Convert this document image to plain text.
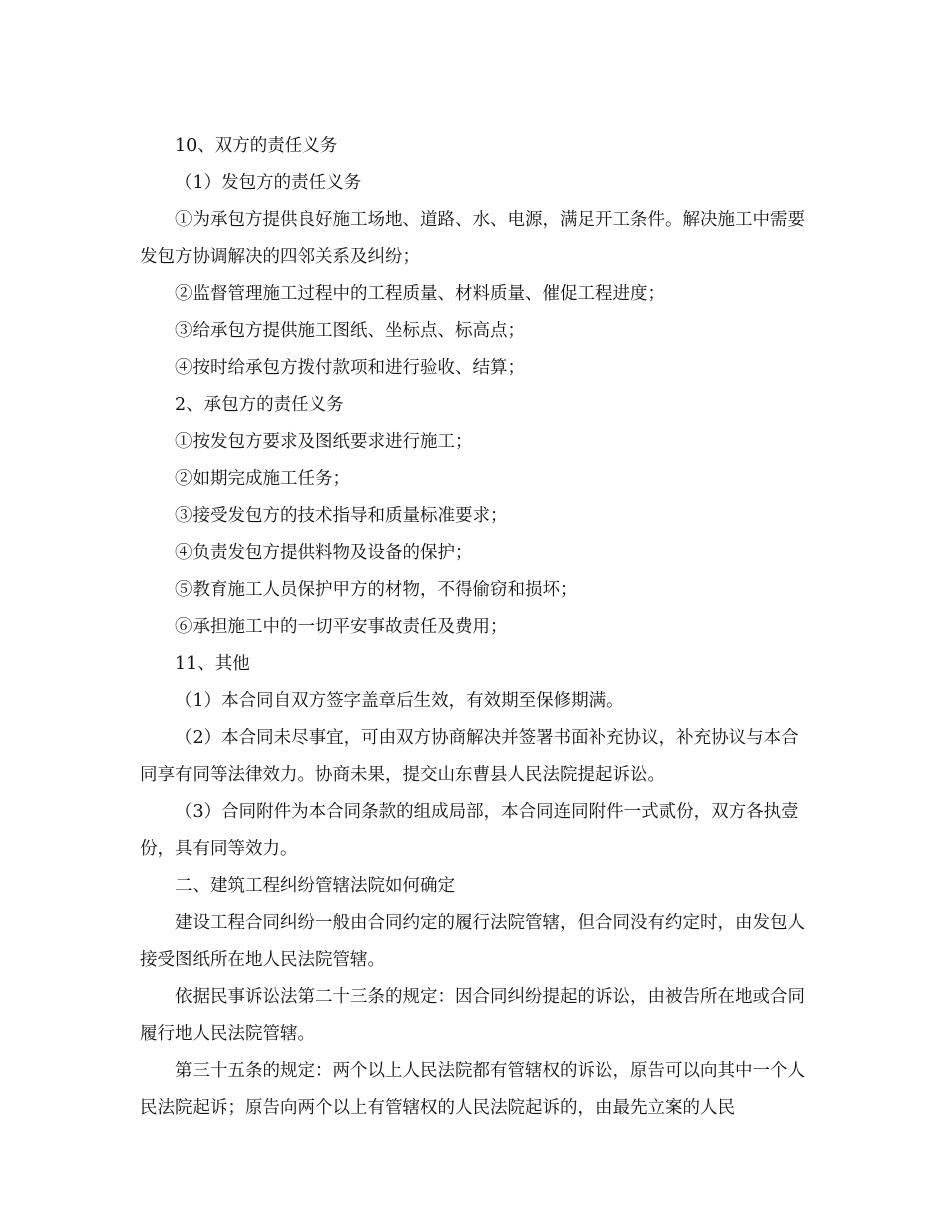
10、双方的责任义务

（1）发包方的责任义务

①为承包方提供良好施工场地、道路、水、电源，满足开工条件。解决施工中需要发包方协调解决的四邻关系及纠纷；

②监督管理施工过程中的工程质量、材料质量、催促工程进度；

③给承包方提供施工图纸、坐标点、标高点；

④按时给承包方拨付款项和进行验收、结算；

2、承包方的责任义务

①按发包方要求及图纸要求进行施工；

②如期完成施工任务；

③接受发包方的技术指导和质量标准要求；

④负责发包方提供料物及设备的保护；

⑤教育施工人员保护甲方的材物，不得偷窃和损坏；

⑥承担施工中的一切平安事故责任及费用；

11、其他

（1）本合同自双方签字盖章后生效，有效期至保修期满。

（2）本合同未尽事宜，可由双方协商解决并签署书面补充协议，补充协议与本合同享有同等法律效力。协商未果，提交山东曹县人民法院提起诉讼。

（3）合同附件为本合同条款的组成局部，本合同连同附件一式贰份，双方各执壹份，具有同等效力。

二、建筑工程纠纷管辖法院如何确定

建设工程合同纠纷一般由合同约定的履行法院管辖，但合同没有约定时，由发包人接受图纸所在地人民法院管辖。

依据民事诉讼法第二十三条的规定：因合同纠纷提起的诉讼，由被告所在地或合同履行地人民法院管辖。

第三十五条的规定：两个以上人民法院都有管辖权的诉讼，原告可以向其中一个人民法院起诉；原告向两个以上有管辖权的人民法院起诉的，由最先立案的人民
